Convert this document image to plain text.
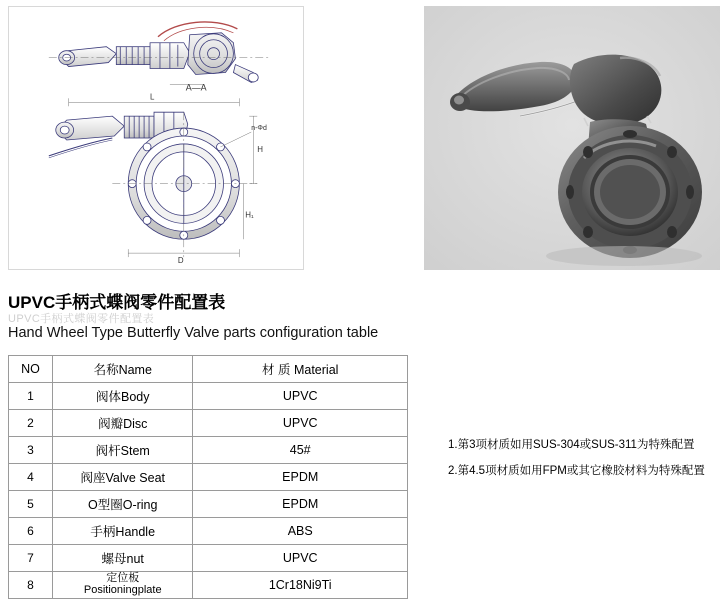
A—A
L
H
H₁
D
n-Φd
UPVC手柄式蝶阀零件配置表
UPVC手柄式蝶阀零件配置表
Hand Wheel Type Butterfly Valve parts configuration table
NO	名称Name	材 质 Material
1	阀体Body	UPVC
2	阀瓣Disc	UPVC
3	阀杆Stem	45#
4	阀座Valve Seat	EPDM
5	O型圈O-ring	EPDM
6	手柄Handle	ABS
7	螺母nut	UPVC
8	定位板
Positioningplate	1Cr18Ni9Ti
1.第3项材质如用SUS-304或SUS-311为特殊配置
2.第4.5项材质如用FPM或其它橡胶材料为特殊配置
